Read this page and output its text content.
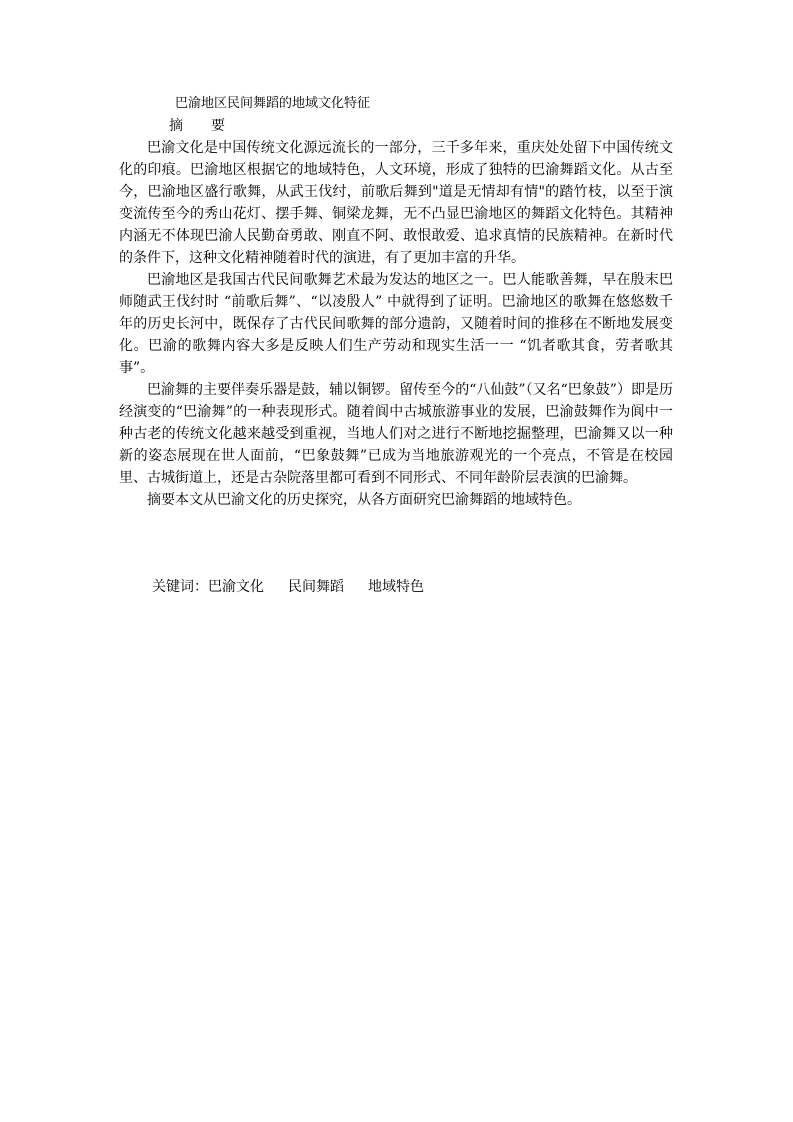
巴渝地区民间舞蹈的地域文化特征
摘要

巴渝文化是中国传统文化源远流长的一部分，三千多年来，重庆处处留下中国传统文化的印痕。巴渝地区根据它的地域特色，人文环境，形成了独特的巴渝舞蹈文化。从古至今，巴渝地区盛行歌舞，从武王伐纣，前歌后舞到"道是无情却有情"的踏竹枝，以至于演变流传至今的秀山花灯、摆手舞、铜梁龙舞，无不凸显巴渝地区的舞蹈文化特色。其精神内涵无不体现巴渝人民勤奋勇敢、刚直不阿、敢恨敢爱、追求真情的民族精神。在新时代的条件下，这种文化精神随着时代的演进，有了更加丰富的升华。

巴渝地区是我国古代民间歌舞艺术最为发达的地区之一。巴人能歌善舞，早在殷末巴师随武王伐纣时 “前歌后舞”、“以凌殷人” 中就得到了证明。巴渝地区的歌舞在悠悠数千年的历史长河中，既保存了古代民间歌舞的部分遗韵，又随着时间的推移在不断地发展变化。巴渝的歌舞内容大多是反映人们生产劳动和现实生活一一 “饥者歌其食，劳者歌其事”。

巴渝舞的主要伴奏乐器是鼓，辅以铜锣。留传至今的“八仙鼓”（又名“巴象鼓”）即是历经演变的“巴渝舞”的一种表现形式。随着阆中古城旅游事业的发展，巴渝鼓舞作为阆中一种古老的传统文化越来越受到重视，当地人们对之进行不断地挖掘整理，巴渝舞又以一种新的姿态展现在世人面前，“巴象鼓舞”已成为当地旅游观光的一个亮点，不管是在校园里、古城街道上，还是古杂院落里都可看到不同形式、不同年龄阶层表演的巴渝舞。

摘要本文从巴渝文化的历史探究，从各方面研究巴渝舞蹈的地域特色。

关键词：巴渝文化 民间舞蹈 地域特色
